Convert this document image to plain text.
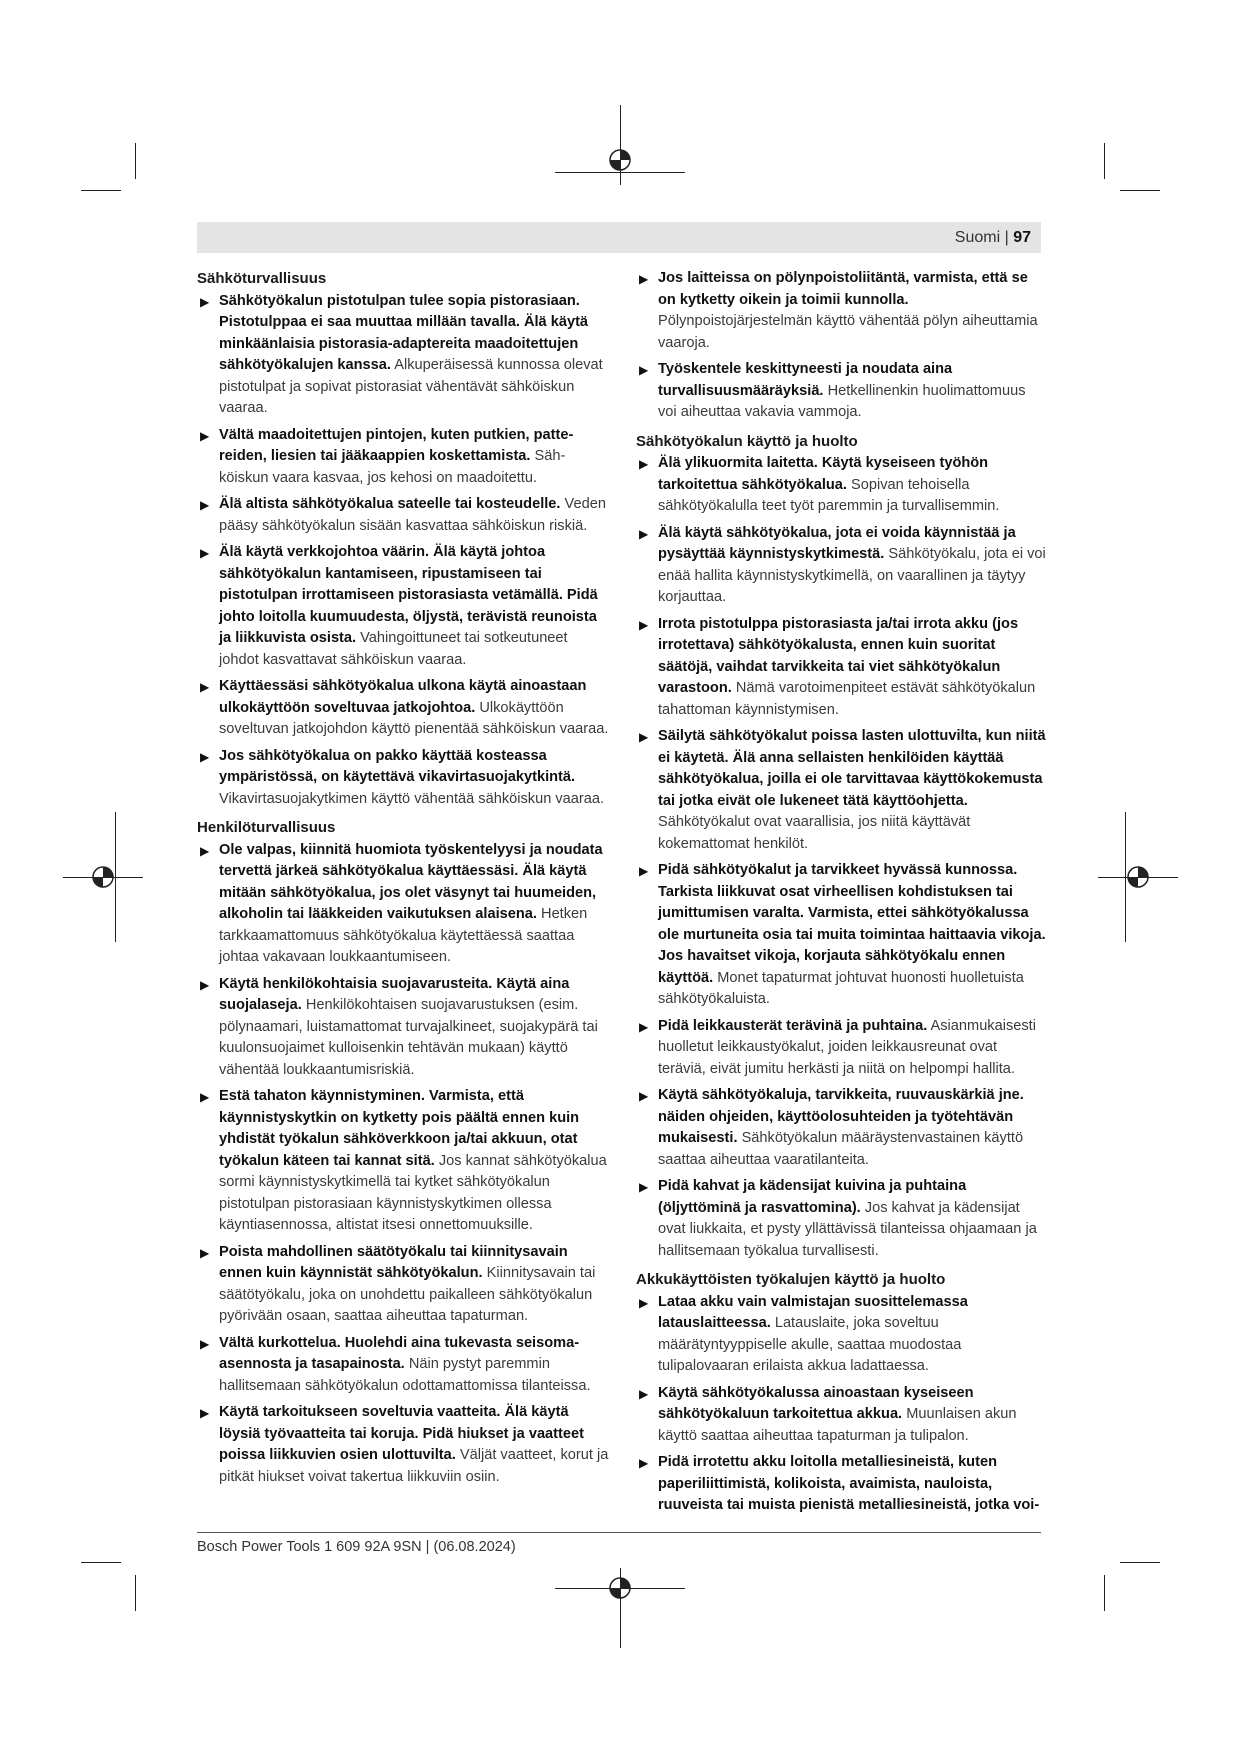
Suomi | 97
Sähköturvallisuus
▶ Sähkötyökalun pistotulpan tulee sopia pistorasiaan. Pistotulppaa ei saa muuttaa millään tavalla. Älä käytä minkäänlaisia pistorasia-adaptereita maadoitettujen sähkötyökalujen kanssa. Alkuperäisessä kunnossa olevat pistotulpat ja sopivat pistorasiat vähentävät sähköiskun vaaraa.
▶ Vältä maadoitettujen pintojen, kuten putkien, pattereiden, liesien tai jääkaappien koskettamista. Sähköiskun vaara kasvaa, jos kehosi on maadoitettu.
▶ Älä altista sähkötyökalua sateelle tai kosteudelle. Veden pääsy sähkötyökalun sisään kasvattaa sähköiskun riskiä.
▶ Älä käytä verkkojohtoa väärin. Älä käytä johtoa sähkötyökalun kantamiseen, ripustamiseen tai pistotulpan irrottamiseen pistorasiasta vetämällä. Pidä johto loitolla kuumuudesta, öljystä, terävistä reunoista ja liikkuvista osista. Vahingoittuneet tai sotkeutuneet johdot kasvattavat sähköiskun vaaraa.
▶ Käyttäessäsi sähkötyökalua ulkona käytä ainoastaan ulkokäyttöön soveltuvaa jatkojohtoa. Ulkokäyttöön soveltuvan jatkojohdon käyttö pienentää sähköiskun vaaraa.
▶ Jos sähkötyökalua on pakko käyttää kosteassa ympäristössä, on käytettävä vikavirtasuojakytkintä. Vikavirtasuojakytkimen käyttö vähentää sähköiskun vaaraa.
Henkilöturvallisuus
▶ Ole valpas, kiinnitä huomiota työskentelyysi ja noudata tervettä järkeä sähkötyökalua käyttäessäsi. Älä käytä mitään sähkötyökalua, jos olet väsynyt tai huumeiden, alkoholin tai lääkkeiden vaikutuksen alaisena. Hetken tarkkaamattomuus sähkötyökalua käytettäessä saattaa johtaa vakavaan loukkaantumiseen.
▶ Käytä henkilökohtaisia suojavarusteita. Käytä aina suojalaseja. Henkilökohtaisen suojavarustuksen (esim. pölynaamari, luistamattomat turvajalkineet, suojakypärä tai kuulonsuojaimet kulloisenkin tehtävän mukaan) käyttö vähentää loukkaantumisriskiä.
▶ Estä tahaton käynnistyminen. Varmista, että käynnistyskytkin on kytketty pois päältä ennen kuin yhdistät työkalun sähköverkkoon ja/tai akkuun, otat työkalun käteen tai kannat sitä. Jos kannat sähkötyökalua sormi käynnistyskytkimellä tai kytket sähkötyökalun pistotulpan pistorasiaan käynnistyskytkimen ollessa käyntiasennossa, altistat itsesi onnettomuuksille.
▶ Poista mahdollinen säätötyökalu tai kiinnitysavain ennen kuin käynnistät sähkötyökalun. Kiinnitysavain tai säätötyökalu, joka on unohdettu paikalleen sähkötyökalun pyörivään osaan, saattaa aiheuttaa tapaturman.
▶ Vältä kurkottelua. Huolehdi aina tukevasta seisoma-asennosta ja tasapainosta. Näin pystyt paremmin hallitsemaan sähkötyökalun odottamattomissa tilanteissa.
▶ Käytä tarkoitukseen soveltuvia vaatteita. Älä käytä löysiä työvaatteita tai koruja. Pidä hiukset ja vaatteet poissa liikkuvien osien ulottuvilta. Väljät vaatteet, korut ja pitkät hiukset voivat takertua liikkuviin osiin.
▶ Jos laitteissa on pölynpoistoliitäntä, varmista, että se on kytketty oikein ja toimii kunnolla. Pölynpoistojärjestelmän käyttö vähentää pölyn aiheuttamia vaaroja.
▶ Työskentele keskittyneesti ja noudata aina turvallisuusmääräyksiä. Hetkellinenkin huolimattomuus voi aiheuttaa vakavia vammoja.
Sähkötyökalun käyttö ja huolto
▶ Älä ylikuormita laitetta. Käytä kyseiseen työhön tarkoitettua sähkötyökalua. Sopivan tehoisella sähkötyökalulla teet työt paremmin ja turvallisemmin.
▶ Älä käytä sähkötyökalua, jota ei voida käynnistää ja pysäyttää käynnistyskytkimestä. Sähkötyökalu, jota ei voi enää hallita käynnistyskytkimellä, on vaarallinen ja täytyy korjauttaa.
▶ Irrota pistotulppa pistorasiasta ja/tai irrota akku (jos irrotettava) sähkötyökalusta, ennen kuin suoritat säätöjä, vaihdat tarvikkeita tai viet sähkötyökalun varastoon. Nämä varotoimenpiteet estävät sähkötyökalun tahattoman käynnistymisen.
▶ Säilytä sähkötyökalut poissa lasten ulottuvilta, kun niitä ei käytetä. Älä anna sellaisten henkilöiden käyttää sähkötyökalua, joilla ei ole tarvittavaa käyttökokemusta tai jotka eivät ole lukeneet tätä käyttöohjetta. Sähkötyökalut ovat vaarallisia, jos niitä käyttävät kokemattomat henkilöt.
▶ Pidä sähkötyökalut ja tarvikkeet hyvässä kunnossa. Tarkista liikkuvat osat virheellisen kohdistuksen tai jumittumisen varalta. Varmista, ettei sähkötyökalussa ole murtuneita osia tai muita toimintaa haittaavia vikoja. Jos havaitset vikoja, korjauta sähkötyökalu ennen käyttöä. Monet tapaturmat johtuvat huonosti huolletuista sähkötyökaluista.
▶ Pidä leikkausterät terävinä ja puhtaina. Asianmukaisesti huolletut leikkaustyökalut, joiden leikkausreunat ovat teräviä, eivät jumitu herkästi ja niitä on helpompi hallita.
▶ Käytä sähkötyökaluja, tarvikkeita, ruuvauskärkiä jne. näiden ohjeiden, käyttöolosuhteiden ja työtehtävän mukaisesti. Sähkötyökalun määräystenvastainen käyttö saattaa aiheuttaa vaaratilanteita.
▶ Pidä kahvat ja kädensijat kuivina ja puhtaina (öljyttöminä ja rasvattomina). Jos kahvat ja kädensijat ovat liukkaita, et pysty yllättävissä tilanteissa ohjaamaan ja hallitsemaan työkalua turvallisesti.
Akkukäyttöisten työkalujen käyttö ja huolto
▶ Lataa akku vain valmistajan suosittelemassa latauslaitteessa. Latauslaite, joka soveltuu määrätyntyyppiselle akulle, saattaa muodostaa tulipalovaaran erilaista akkua ladattaessa.
▶ Käytä sähkötyökalussa ainoastaan kyseiseen sähkötyökaluun tarkoitettua akkua. Muunlaisen akun käyttö saattaa aiheuttaa tapaturman ja tulipalon.
▶ Pidä irrotettu akku loitolla metalliesineistä, kuten paperiliittimistä, kolikoista, avaimista, nauloista, ruuveista tai muista pienistä metalliesineistä, jotka voi-
Bosch Power Tools 1 609 92A 9SN | (06.08.2024)
